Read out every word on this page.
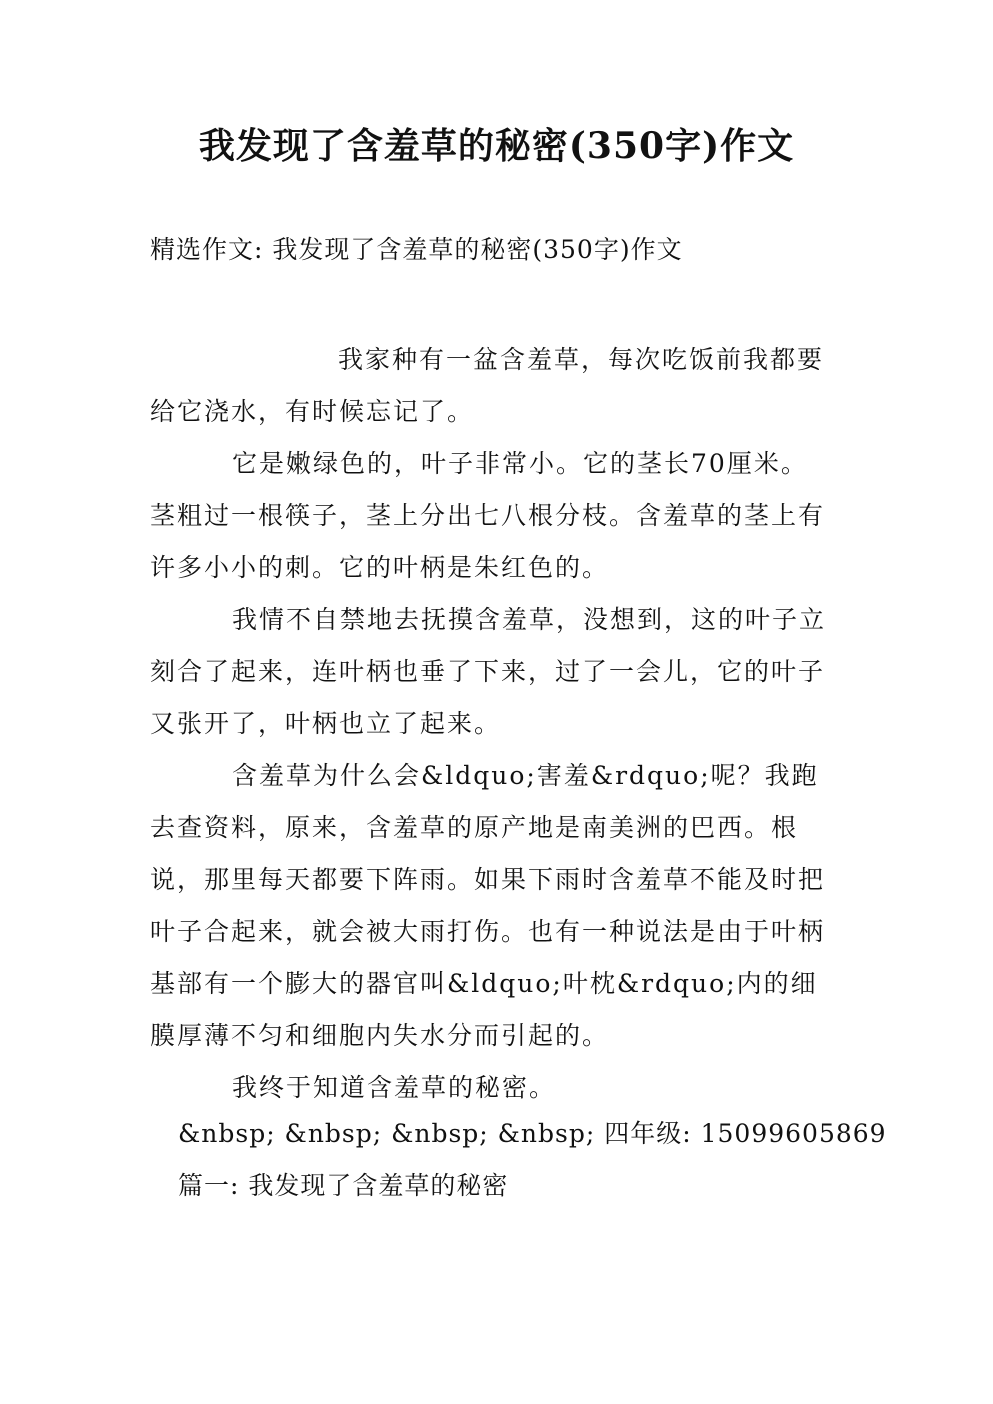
我发现了含羞草的秘密(350字)作文
精选作文: 我发现了含羞草的秘密(350字)作文

我家种有一盆含羞草，每次吃饭前我都要给它浇水，有时候忘记了。

它是嫩绿色的，叶子非常小。它的茎长70厘米。茎粗过一根筷子，茎上分出七八根分枝。含羞草的茎上有许多小小的刺。它的叶柄是朱红色的。

我情不自禁地去抚摸含羞草，没想到，这的叶子立刻合了起来，连叶柄也垂了下来，过了一会儿，它的叶子又张开了，叶柄也立了起来。

含羞草为什么会&ldquo;害羞&rdquo;呢？我跑去查资料，原来，含羞草的原产地是南美洲的巴西。根说，那里每天都要下阵雨。如果下雨时含羞草不能及时把叶子合起来，就会被大雨打伤。也有一种说法是由于叶柄基部有一个膨大的器官叫&ldquo;叶枕&rdquo;内的细膜厚薄不匀和细胞内失水分而引起的。

我终于知道含羞草的秘密。

&nbsp; &nbsp; &nbsp; &nbsp; 四年级: 15099605869
篇一: 我发现了含羞草的秘密
